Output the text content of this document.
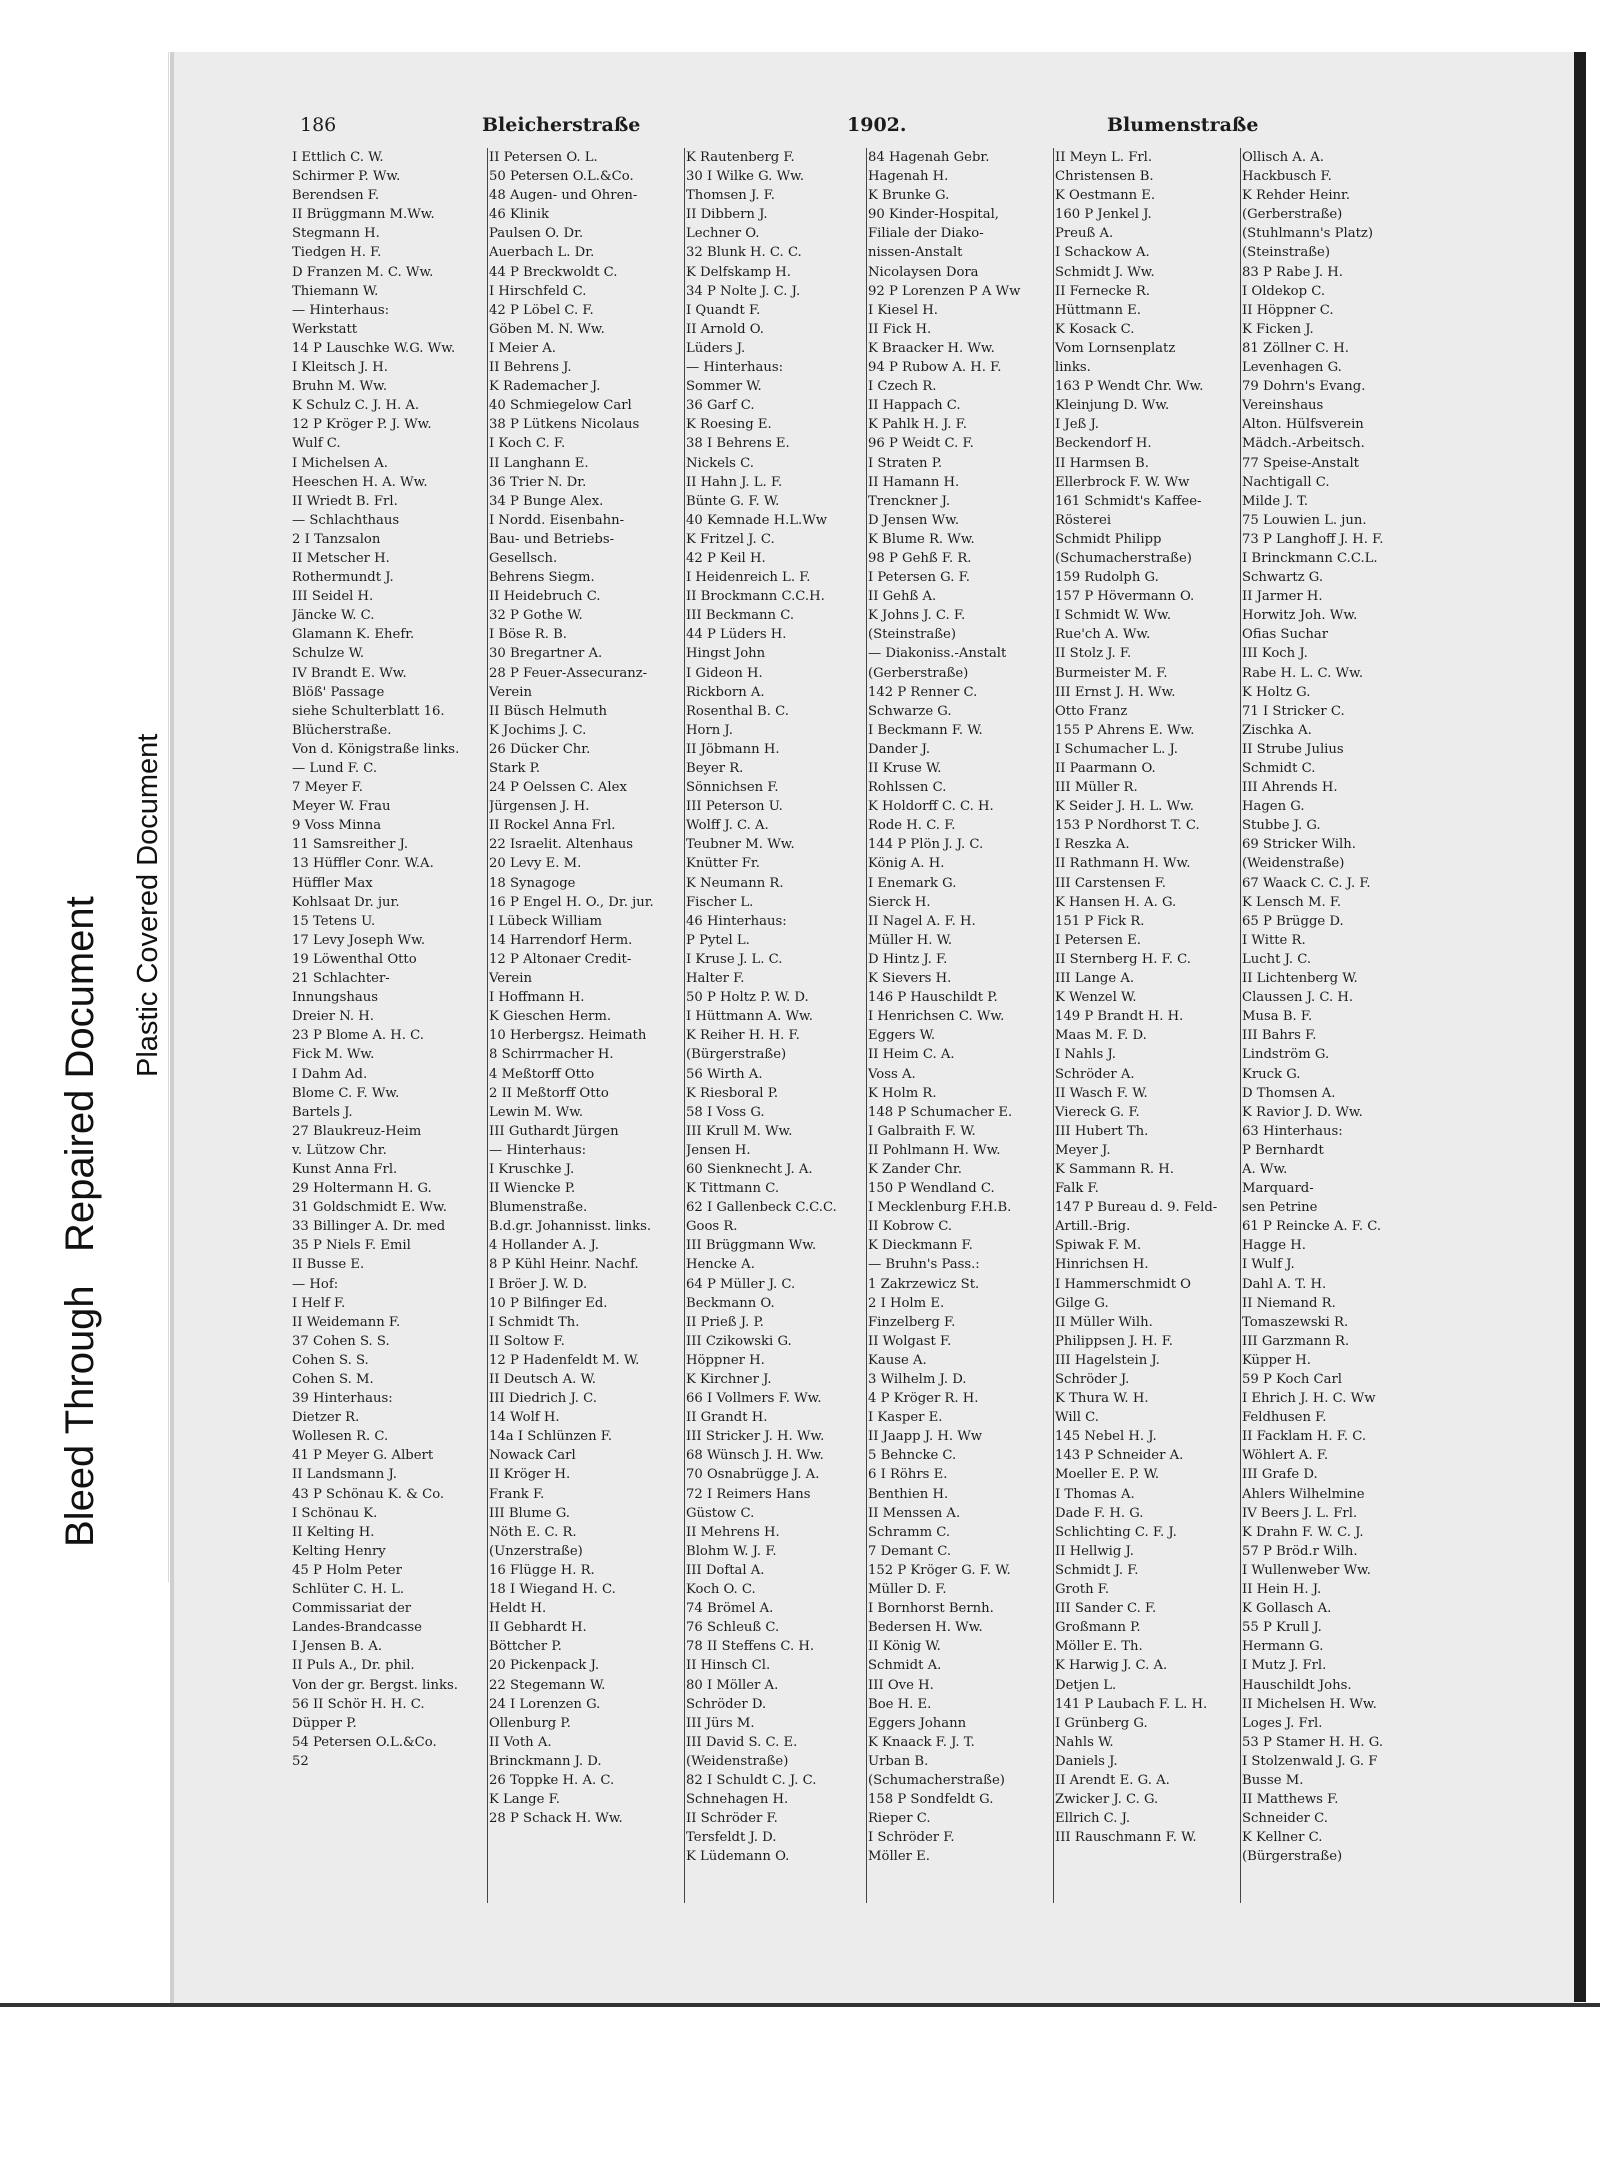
Bleed Through   Repaired Document Plastic Covered Document
186	Bleicherstraße	1902.	Blumenstraße
I Ettlich C. W.
Schirmer P. Ww.
Berendsen F.
II Brüggmann M.Ww.
Stegmann H.
Tiedgen H. F.
D Franzen M. C. Ww.
Thiemann W.
— Hinterhaus:
Werkstatt
14 P Lauschke W.G. Ww.
I Kleitsch J. H.
Bruhn M. Ww.
K Schulz C. J. H. A.
12 P Kröger P. J. Ww.
Wulf C.
I Michelsen A.
Heeschen H. A. Ww.
II Wriedt B. Frl.
— Schlachthaus
2 I Tanzsalon
II Metscher H.
Rothermundt J.
III Seidel H.
Jäncke W. C.
Glamann K. Ehefr.
Schulze W.
IV Brandt E. Ww.
Blöß' Passage
siehe Schulterblatt 16.
Blücherstraße.
Von d. Königstraße links.
— Lund F. C.
7 Meyer F.
Meyer W. Frau
9 Voss Minna
11 Samsreither J.
13 Hüffler Conr. W.A.
Hüffler Max
Kohlsaat Dr. jur.
15 Tetens U.
17 Levy Joseph Ww.
19 Löwenthal Otto
21 Schlachter-
Innungshaus
Dreier N. H.
23 P Blome A. H. C.
Fick M. Ww.
I Dahm Ad.
Blome C. F. Ww.
Bartels J.
27 Blaukreuz-Heim
v. Lützow Chr.
Kunst Anna Frl.
29 Holtermann H. G.
31 Goldschmidt E. Ww.
33 Billinger A. Dr. med
35 P Niels F. Emil
II Busse E.
— Hof:
I Helf F.
II Weidemann F.
37 Cohen S. S.
Cohen S. S.
Cohen S. M.
39 Hinterhaus:
Dietzer R.
Wollesen R. C.
41 P Meyer G. Albert
II Landsmann J.
43 P Schönau K. & Co.
I Schönau K.
II Kelting H.
Kelting Henry
45 P Holm Peter
Schlüter C. H. L.
Commissariat der
Landes-Brandcasse
I Jensen B. A.
II Puls A., Dr. phil.
Von der gr. Bergst. links.
56 II Schör H. H. C.
Düpper P.
54 Petersen O.L.&Co.
52
II Petersen O. L.
50 Petersen O.L.&Co.
48 Augen- und Ohren-
46 Klinik
Paulsen O. Dr.
Auerbach L. Dr.
44 P Breckwoldt C.
I Hirschfeld C.
42 P Löbel C. F.
Göben M. N. Ww.
I Meier A.
II Behrens J.
K Rademacher J.
40 Schmiegelow Carl
38 P Lütkens Nicolaus
I Koch C. F.
II Langhann E.
36 Trier N. Dr.
34 P Bunge Alex.
I Nordd. Eisenbahn-
Bau- und Betriebs-
Gesellsch.
Behrens Siegm.
II Heidebruch C.
32 P Gothe W.
I Böse R. B.
30 Bregartner A.
28 P Feuer-Assecuranz-
Verein
II Büsch Helmuth
K Jochims J. C.
26 Dücker Chr.
Stark P.
24 P Oelssen C. Alex
Jürgensen J. H.
II Rockel Anna Frl.
22 Israelit. Altenhaus
20 Levy E. M.
18 Synagoge
16 P Engel H. O., Dr. jur.
I Lübeck William
14 Harrendorf Herm.
12 P Altonaer Credit-
Verein
I Hoffmann H.
K Gieschen Herm.
10 Herbergsz. Heimath
8 Schirrmacher H.
4 Meßtorff Otto
2 II Meßtorff Otto
Lewin M. Ww.
III Guthardt Jürgen
— Hinterhaus:
I Kruschke J.
II Wiencke P.
Blumenstraße.
B.d.gr. Johannisst. links.
4 Hollander A. J.
8 P Kühl Heinr. Nachf.
I Bröer J. W. D.
10 P Bilfinger Ed.
I Schmidt Th.
II Soltow F.
12 P Hadenfeldt M. W.
II Deutsch A. W.
III Diedrich J. C.
14 Wolf H.
14a I Schlünzen F.
Nowack Carl
II Kröger H.
Frank F.
III Blume G.
Nöth E. C. R.
(Unzerstraße)
16 Flügge H. R.
18 I Wiegand H. C.
Heldt H.
II Gebhardt H.
Böttcher P.
20 Pickenpack J.
22 Stegemann W.
24 I Lorenzen G.
Ollenburg P.
II Voth A.
Brinckmann J. D.
26 Toppke H. A. C.
K Lange F.
28 P Schack H. Ww.
K Rautenberg F.
30 I Wilke G. Ww.
Thomsen J. F.
II Dibbern J.
Lechner O.
32 Blunk H. C. C.
K Delfskamp H.
34 P Nolte J. C. J.
I Quandt F.
II Arnold O.
Lüders J.
— Hinterhaus:
Sommer W.
36 Garf C.
K Roesing E.
38 I Behrens E.
Nickels C.
II Hahn J. L. F.
Bünte G. F. W.
40 Kemnade H.L.Ww
K Fritzel J. C.
42 P Keil H.
I Heidenreich L. F.
II Brockmann C.C.H.
III Beckmann C.
44 P Lüders H.
Hingst John
I Gideon H.
Rickborn A.
Rosenthal B. C.
Horn J.
II Jöbmann H.
Beyer R.
Sönnichsen F.
III Peterson U.
Wolff J. C. A.
Teubner M. Ww.
Knütter Fr.
K Neumann R.
Fischer L.
46 Hinterhaus:
P Pytel L.
I Kruse J. L. C.
Halter F.
50 P Holtz P. W. D.
I Hüttmann A. Ww.
K Reiher H. H. F.
(Bürgerstraße)
56 Wirth A.
K Riesboral P.
58 I Voss G.
III Krull M. Ww.
Jensen H.
60 Sienknecht J. A.
K Tittmann C.
62 I Gallenbeck C.C.C.
Goos R.
III Brüggmann Ww.
Hencke A.
64 P Müller J. C.
Beckmann O.
II Prieß J. P.
III Czikowski G.
Höppner H.
K Kirchner J.
66 I Vollmers F. Ww.
II Grandt H.
III Stricker J. H. Ww.
68 Wünsch J. H. Ww.
70 Osnabrügge J. A.
72 I Reimers Hans
Güstow C.
II Mehrens H.
Blohm W. J. F.
III Doftal A.
Koch O. C.
74 Brömel A.
76 Schleuß C.
78 II Steffens C. H.
II Hinsch Cl.
80 I Möller A.
Schröder D.
III Jürs M.
III David S. C. E.
(Weidenstraße)
82 I Schuldt C. J. C.
Schnehagen H.
II Schröder F.
Tersfeldt J. D.
K Lüdemann O.
84 Hagenah Gebr.
Hagenah H.
K Brunke G.
90 Kinder-Hospital,
Filiale der Diako-
nissen-Anstalt
Nicolaysen Dora
92 P Lorenzen P A Ww
I Kiesel H.
II Fick H.
K Braacker H. Ww.
94 P Rubow A. H. F.
I Czech R.
II Happach C.
K Pahlk H. J. F.
96 P Weidt C. F.
I Straten P.
II Hamann H.
Trenckner J.
D Jensen Ww.
K Blume R. Ww.
98 P Gehß F. R.
I Petersen G. F.
II Gehß A.
K Johns J. C. F.
(Steinstraße)
— Diakoniss.-Anstalt
(Gerberstraße)
142 P Renner C.
Schwarze G.
I Beckmann F. W.
Dander J.
II Kruse W.
Rohlssen C.
K Holdorff C. C. H.
Rode H. C. F.
144 P Plön J. J. C.
König A. H.
I Enemark G.
Sierck H.
II Nagel A. F. H.
Müller H. W.
D Hintz J. F.
K Sievers H.
146 P Hauschildt P.
I Henrichsen C. Ww.
Eggers W.
II Heim C. A.
Voss A.
K Holm R.
148 P Schumacher E.
I Galbraith F. W.
II Pohlmann H. Ww.
K Zander Chr.
150 P Wendland C.
I Mecklenburg F.H.B.
II Kobrow C.
K Dieckmann F.
— Bruhn's Pass.:
1 Zakrzewicz St.
2 I Holm E.
Finzelberg F.
II Wolgast F.
Kause A.
3 Wilhelm J. D.
4 P Kröger R. H.
I Kasper E.
II Jaapp J. H. Ww
5 Behncke C.
6 I Röhrs E.
Benthien H.
II Menssen A.
Schramm C.
7 Demant C.
152 P Kröger G. F. W.
Müller D. F.
I Bornhorst Bernh.
Bedersen H. Ww.
II König W.
Schmidt A.
III Ove H.
Boe H. E.
Eggers Johann
K Knaack F. J. T.
Urban B.
(Schumacherstraße)
158 P Sondfeldt G.
Rieper C.
I Schröder F.
Möller E.
II Meyn L. Frl.
Christensen B.
K Oestmann E.
160 P Jenkel J.
Preuß A.
I Schackow A.
Schmidt J. Ww.
II Fernecke R.
Hüttmann E.
K Kosack C.
Vom Lornsenplatz
links.
163 P Wendt Chr. Ww.
Kleinjung D. Ww.
I Jeß J.
Beckendorf H.
II Harmsen B.
Ellerbrock F. W. Ww
161 Schmidt's Kaffee-
Rösterei
Schmidt Philipp
(Schumacherstraße)
159 Rudolph G.
157 P Hövermann O.
I Schmidt W. Ww.
Rue'ch A. Ww.
II Stolz J. F.
Burmeister M. F.
III Ernst J. H. Ww.
Otto Franz
155 P Ahrens E. Ww.
I Schumacher L. J.
II Paarmann O.
III Müller R.
K Seider J. H. L. Ww.
153 P Nordhorst T. C.
I Reszka A.
II Rathmann H. Ww.
III Carstensen F.
K Hansen H. A. G.
151 P Fick R.
I Petersen E.
II Sternberg H. F. C.
III Lange A.
K Wenzel W.
149 P Brandt H. H.
Maas M. F. D.
I Nahls J.
Schröder A.
II Wasch F. W.
Viereck G. F.
III Hubert Th.
Meyer J.
K Sammann R. H.
Falk F.
147 P Bureau d. 9. Feld-
Artill.-Brig.
Spiwak F. M.
Hinrichsen H.
I Hammerschmidt O
Gilge G.
II Müller Wilh.
Philippsen J. H. F.
III Hagelstein J.
Schröder J.
K Thura W. H.
Will C.
145 Nebel H. J.
143 P Schneider A.
Moeller E. P. W.
I Thomas A.
Dade F. H. G.
Schlichting C. F. J.
II Hellwig J.
Schmidt J. F.
Groth F.
III Sander C. F.
Großmann P.
Möller E. Th.
K Harwig J. C. A.
Detjen L.
141 P Laubach F. L. H.
I Grünberg G.
Nahls W.
Daniels J.
II Arendt E. G. A.
Zwicker J. C. G.
Ellrich C. J.
III Rauschmann F. W.
Ollisch A. A.
Hackbusch F.
K Rehder Heinr.
(Gerberstraße)
(Stuhlmann's Platz)
(Steinstraße)
83 P Rabe J. H.
I Oldekop C.
II Höppner C.
K Ficken J.
81 Zöllner C. H.
Levenhagen G.
79 Dohrn's Evang.
Vereinshaus
Alton. Hülfsverein
Mädch.-Arbeitsch.
77 Speise-Anstalt
Nachtigall C.
Milde J. T.
75 Louwien L. jun.
73 P Langhoff J. H. F.
I Brinckmann C.C.L.
Schwartz G.
II Jarmer H.
Horwitz Joh. Ww.
Ofias Suchar
III Koch J.
Rabe H. L. C. Ww.
K Holtz G.
71 I Stricker C.
Zischka A.
II Strube Julius
Schmidt C.
III Ahrends H.
Hagen G.
Stubbe J. G.
69 Stricker Wilh.
(Weidenstraße)
67 Waack C. C. J. F.
K Lensch M. F.
65 P Brügge D.
I Witte R.
Lucht J. C.
II Lichtenberg W.
Claussen J. C. H.
Musa B. F.
III Bahrs F.
Lindström G.
Kruck G.
D Thomsen A.
K Ravior J. D. Ww.
63 Hinterhaus:
P Bernhardt
A. Ww.
Marquard-
sen Petrine
61 P Reincke A. F. C.
Hagge H.
I Wulf J.
Dahl A. T. H.
II Niemand R.
Tomaszewski R.
III Garzmann R.
Küpper H.
59 P Koch Carl
I Ehrich J. H. C. Ww
Feldhusen F.
II Facklam H. F. C.
Wöhlert A. F.
III Grafe D.
Ahlers Wilhelmine
IV Beers J. L. Frl.
K Drahn F. W. C. J.
57 P Bröd.r Wilh.
I Wullenweber Ww.
II Hein H. J.
K Gollasch A.
55 P Krull J.
Hermann G.
I Mutz J. Frl.
Hauschildt Johs.
II Michelsen H. Ww.
Loges J. Frl.
53 P Stamer H. H. G.
I Stolzenwald J. G. F
Busse M.
II Matthews F.
Schneider C.
K Kellner C.
(Bürgerstraße)
